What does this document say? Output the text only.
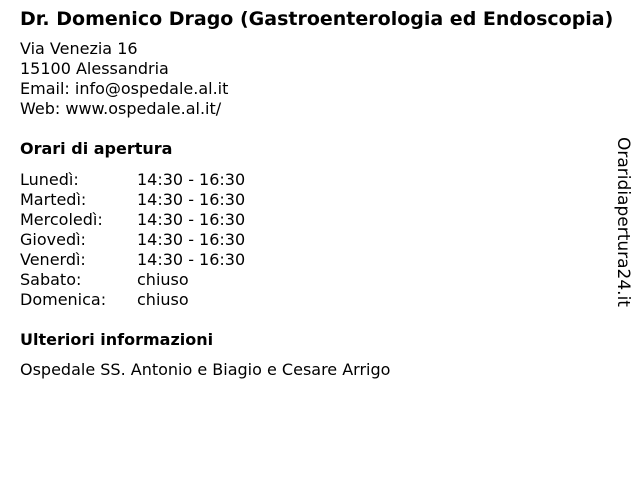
Dr. Domenico Drago (Gastroenterologia ed Endoscopia)
Via Venezia 16
15100 Alessandria
Email: info@ospedale.al.it
Web: www.ospedale.al.it/
Orari di apertura
Lunedì:	14:30 - 16:30
Martedì:	14:30 - 16:30
Mercoledì:	14:30 - 16:30
Giovedì:	14:30 - 16:30
Venerdì:	14:30 - 16:30
Sabato:	chiuso
Domenica:	chiuso
Ulteriori informazioni
Ospedale SS. Antonio e Biagio e Cesare Arrigo
Oraridiapertura24.it
